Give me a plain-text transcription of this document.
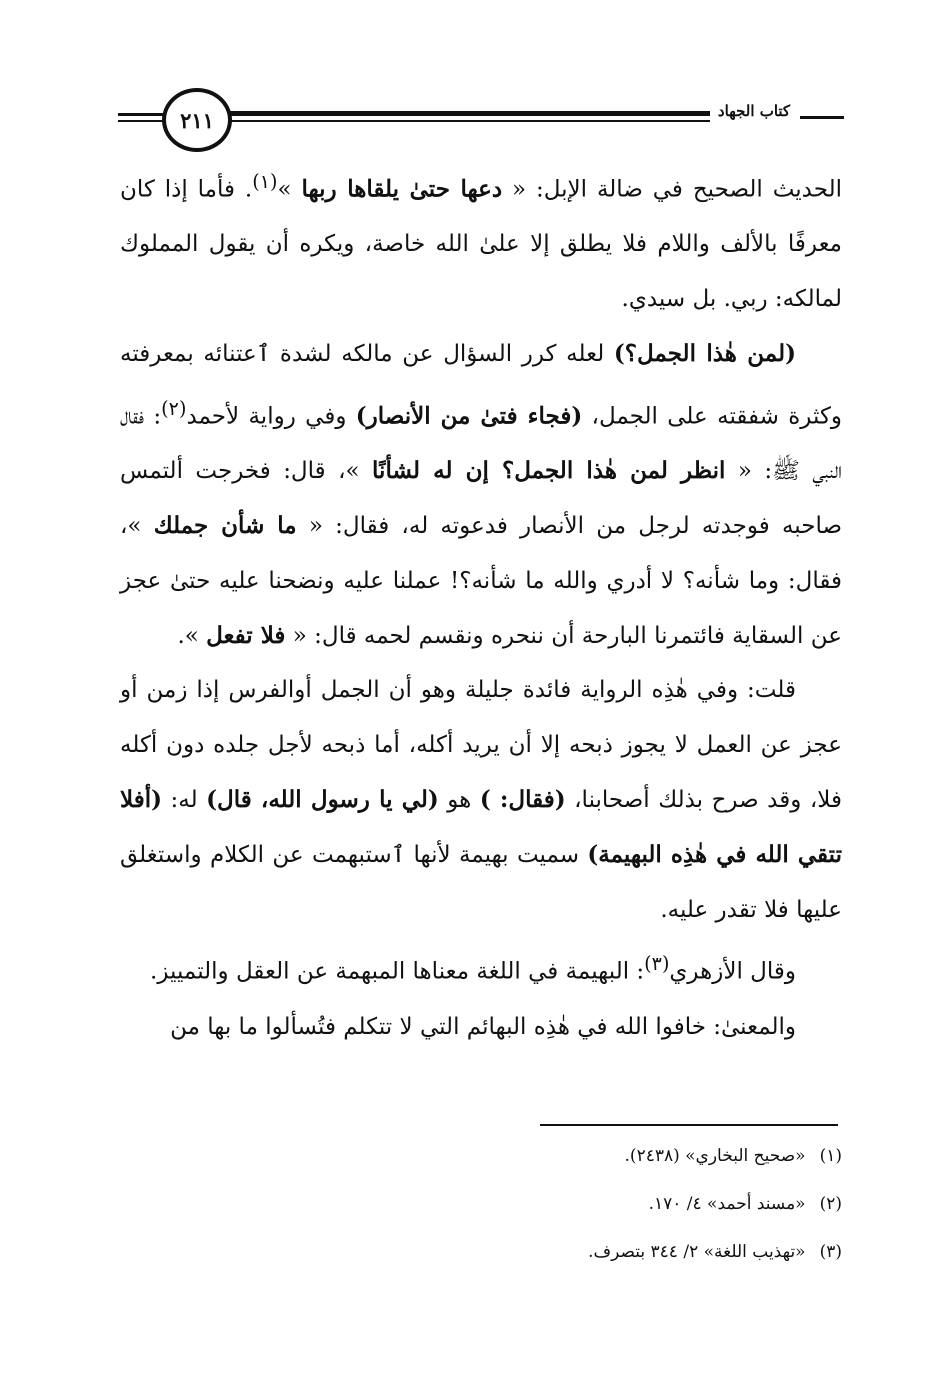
٢١١	كتاب الجهاد

الحديث الصحيح في ضالة الإبل: « دعها حتىٰ يلقاها ربها »$^{(١)}$. فأما إذا كان معرفًا بالألف واللام فلا يطلق إلا علىٰ الله خاصة، ويكره أن يقول المملوك لمالكه: ربي. بل سيدي.

(لمن هٰذا الجمل؟) لعله كرر السؤال عن مالكه لشدة ٱعتنائه بمعرفته وكثرة شفقته على الجمل، (فجاء فتىٰ من الأنصار) وفي رواية لأحمد$^{(٢)}$: فقال النبي ﷺ: « انظر لمن هٰذا الجمل؟ إن له لشأنًا »، قال: فخرجت ألتمس صاحبه فوجدته لرجل من الأنصار فدعوته له، فقال: « ما شأن جملك »، فقال: وما شأنه؟ لا أدري والله ما شأنه؟! عملنا عليه ونضحنا عليه حتىٰ عجز عن السقاية فائتمرنا البارحة أن ننحره ونقسم لحمه قال: « فلا تفعل ».

قلت: وفي هٰذِه الرواية فائدة جليلة وهو أن الجمل أوالفرس إذا زمن أو عجز عن العمل لا يجوز ذبحه إلا أن يريد أكله، أما ذبحه لأجل جلده دون أكله فلا، وقد صرح بذلك أصحابنا، (فقال: ) هو (لي يا رسول الله، قال) له: (أفلا تتقي الله في هٰذِه البهيمة) سميت بهيمة لأنها ٱستبهمت عن الكلام واستغلق عليها فلا تقدر عليه.

وقال الأزهري$^{(٣)}$: البهيمة في اللغة معناها المبهمة عن العقل والتمييز.

والمعنىٰ: خافوا الله في هٰذِه البهائم التي لا تتكلم فتُسألوا ما بها من

(١)«صحيح البخاري» (٢٤٣٨).
(٢)«مسند أحمد» ٤/ ١٧٠.
(٣)«تهذيب اللغة» ٢/ ٣٤٤ بتصرف.
